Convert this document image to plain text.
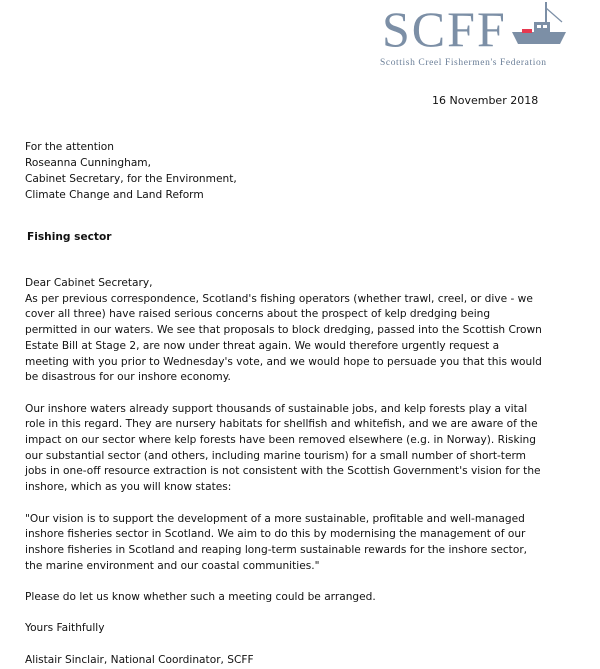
SCFF
Scottish Creel Fishermen's Federation
16 November 2018
For the attention
Roseanna Cunningham,
Cabinet Secretary, for the Environment,
Climate Change and Land Reform
Fishing sector

Dear Cabinet Secretary,
As per previous correspondence, Scotland's fishing operators (whether trawl, creel, or dive - we cover all three) have raised serious concerns about the prospect of kelp dredging being permitted in our waters. We see that proposals to block dredging, passed into the Scottish Crown Estate Bill at Stage 2, are now under threat again. We would therefore urgently request a meeting with you prior to Wednesday's vote, and we would hope to persuade you that this would be disastrous for our inshore economy.

Our inshore waters already support thousands of sustainable jobs, and kelp forests play a vital role in this regard. They are nursery habitats for shellfish and whitefish, and we are aware of the impact on our sector where kelp forests have been removed elsewhere (e.g. in Norway). Risking our substantial sector (and others, including marine tourism) for a small number of short-term jobs in one-off resource extraction is not consistent with the Scottish Government's vision for the inshore, which as you will know states:

"Our vision is to support the development of a more sustainable, profitable and well-managed inshore fisheries sector in Scotland. We aim to do this by modernising the management of our inshore fisheries in Scotland and reaping long-term sustainable rewards for the inshore sector, the marine environment and our coastal communities."

Please do let us know whether such a meeting could be arranged.

Yours Faithfully

Alistair Sinclair, National Coordinator, SCFF
